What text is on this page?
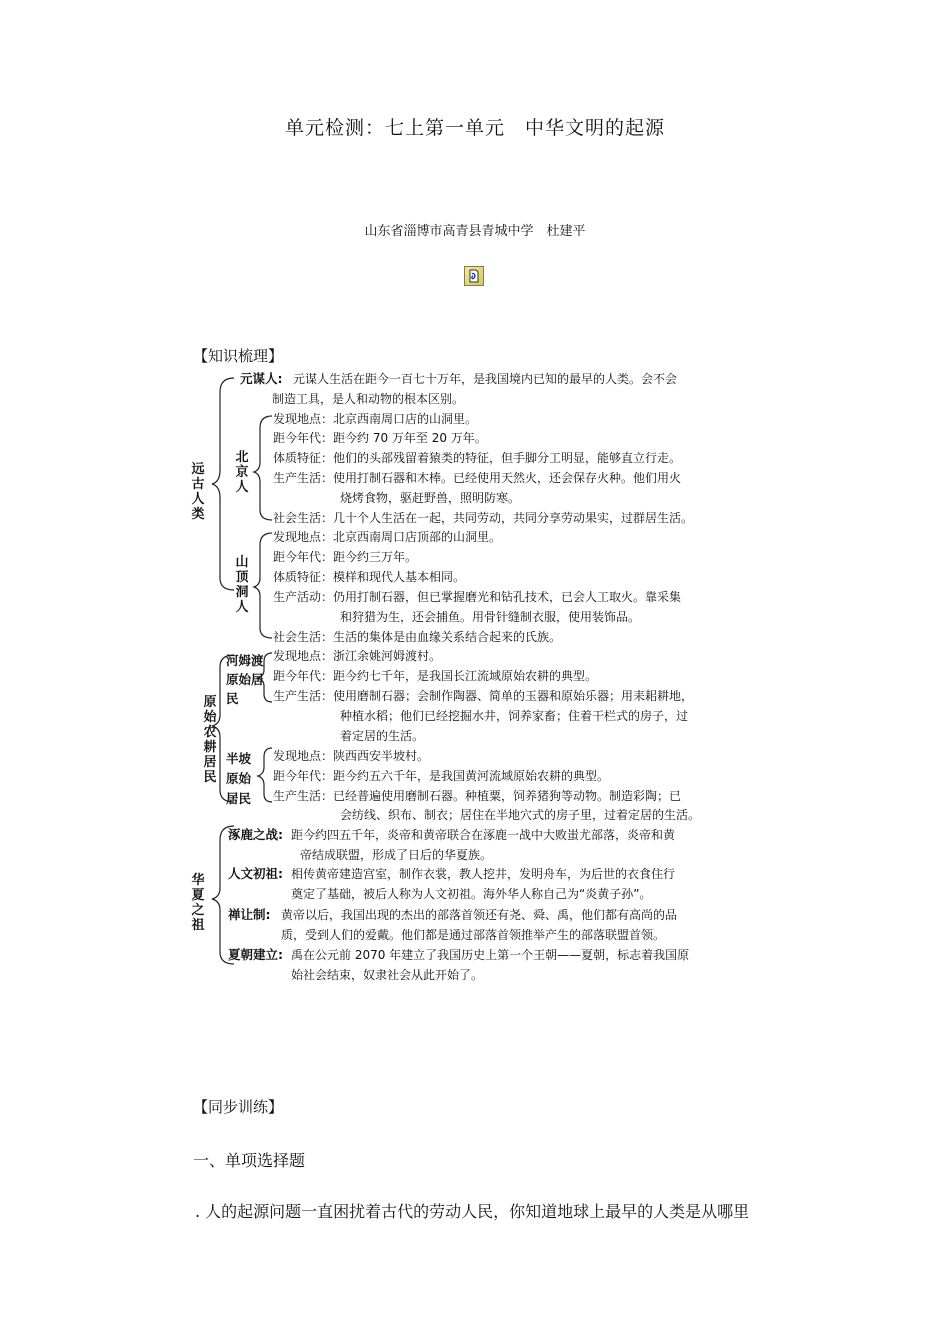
单元检测：七上第一单元　中华文明的起源
山东省淄博市高青县青城中学　杜建平
【知识梳理】
远古人类
原始农耕居民
华夏之祖
元谋人: 元谋人生活在距今一百七十万年，是我国境内已知的最早的人类。会不会
制造工具，是人和动物的根本区别。
北京人
发现地点：北京西南周口店的山洞里。
距今年代：距今约 70 万年至 20 万年。
体质特征：他们的头部残留着猿类的特征，但手脚分工明显，能够直立行走。
生产生活：使用打制石器和木棒。已经使用天然火，还会保存火种。他们用火
烧烤食物，驱赶野兽，照明防寒。
社会生活：几十个人生活在一起，共同劳动，共同分享劳动果实，过群居生活。
山顶洞人
发现地点：北京西南周口店顶部的山洞里。
距今年代：距今约三万年。
体质特征：模样和现代人基本相同。
生产活动：仍用打制石器，但已掌握磨光和钻孔技术，已会人工取火。靠采集
和狩猎为生，还会捕鱼。用骨针缝制衣服，使用装饰品。
社会生活：生活的集体是由血缘关系结合起来的氏族。
河姆渡
原始居
民
发现地点：浙江余姚河姆渡村。
距今年代：距今约七千年，是我国长江流域原始农耕的典型。
生产生活：使用磨制石器；会制作陶器、简单的玉器和原始乐器；用耒耜耕地，
种植水稻；他们已经挖掘水井，饲养家畜；住着干栏式的房子，过
着定居的生活。
半坡
原始
居民
发现地点：陕西西安半坡村。
距今年代：距今约五六千年，是我国黄河流域原始农耕的典型。
生产生活：已经普遍使用磨制石器。种植粟，饲养猪狗等动物。制造彩陶；已
会纺线、织布、制衣；居住在半地穴式的房子里，过着定居的生活。
涿鹿之战: 距今约四五千年，炎帝和黄帝联合在涿鹿一战中大败蚩尤部落，炎帝和黄
帝结成联盟，形成了日后的华夏族。
人文初祖: 相传黄帝建造宫室，制作衣裳，教人挖井，发明舟车，为后世的衣食住行
奠定了基础，被后人称为人文初祖。海外华人称自己为“炎黄子孙”。
禅让制: 黄帝以后，我国出现的杰出的部落首领还有尧、舜、禹，他们都有高尚的品
质，受到人们的爱戴。他们都是通过部落首领推举产生的部落联盟首领。
夏朝建立: 禹在公元前 2070 年建立了我国历史上第一个王朝——夏朝，标志着我国原
始社会结束，奴隶社会从此开始了。
【同步训练】
一、单项选择题
. 人的起源问题一直困扰着古代的劳动人民，你知道地球上最早的人类是从哪里
